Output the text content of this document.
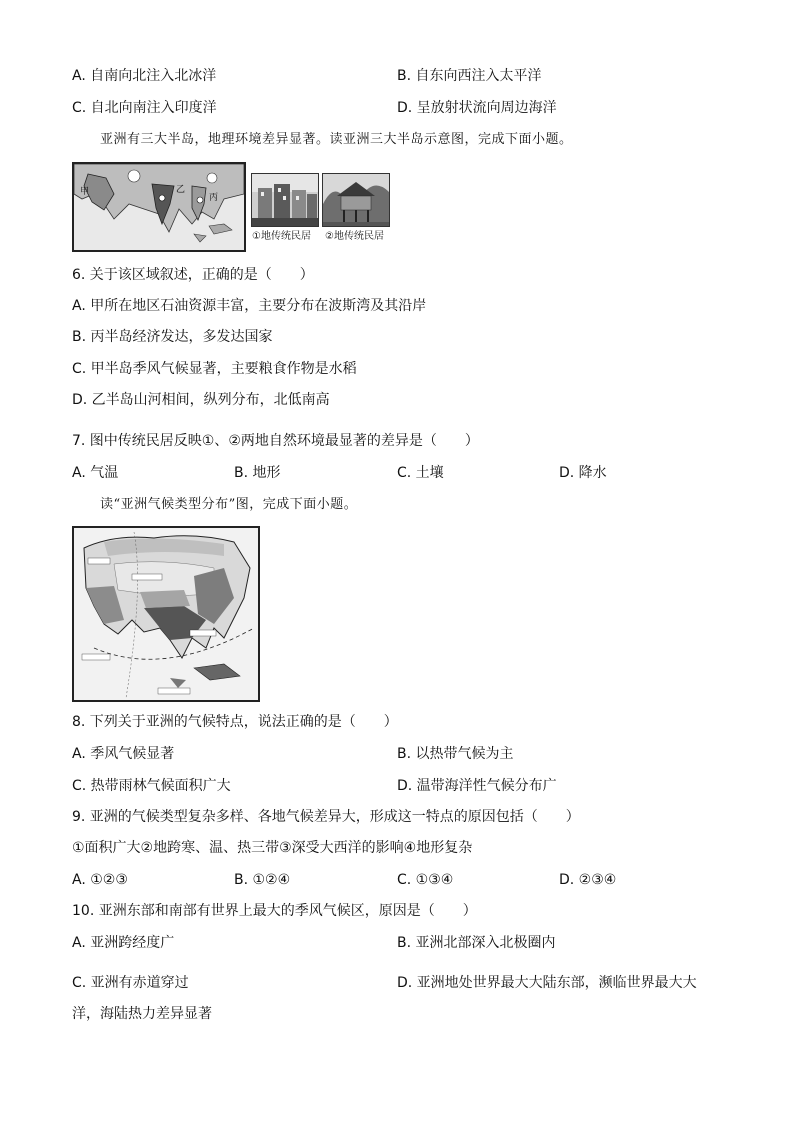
A. 自南向北注入北冰洋	B. 自东向西注入太平洋
C. 自北向南注入印度洋	D. 呈放射状流向周边海洋
亚洲有三大半岛，地理环境差异显著。读亚洲三大半岛示意图，完成下面小题。
甲	乙
丙
①地传统民居 ②地传统民居
6. 关于该区域叙述，正确的是（　　）
A. 甲所在地区石油资源丰富，主要分布在波斯湾及其沿岸
B. 丙半岛经济发达，多发达国家
C. 甲半岛季风气候显著，主要粮食作物是水稻
D. 乙半岛山河相间，纵列分布，北低南高
7. 图中传统民居反映①、②两地自然环境最显著的差异是（　　）
A. 气温	B. 地形	C. 土壤	D. 降水
读“亚洲气候类型分布”图，完成下面小题。
8. 下列关于亚洲的气候特点，说法正确的是（　　）
A. 季风气候显著	B. 以热带气候为主
C. 热带雨林气候面积广大	D. 温带海洋性气候分布广
9. 亚洲的气候类型复杂多样、各地气候差异大，形成这一特点的原因包括（　　）
①面积广大②地跨寒、温、热三带③深受大西洋的影响④地形复杂
A. ①②③	B. ①②④	C. ①③④	D. ②③④
10. 亚洲东部和南部有世界上最大的季风气候区，原因是（　　）
A. 亚洲跨经度广	B. 亚洲北部深入北极圈内
C. 亚洲有赤道穿过	D. 亚洲地处世界最大大陆东部，濒临世界最大大
洋，海陆热力差异显著
